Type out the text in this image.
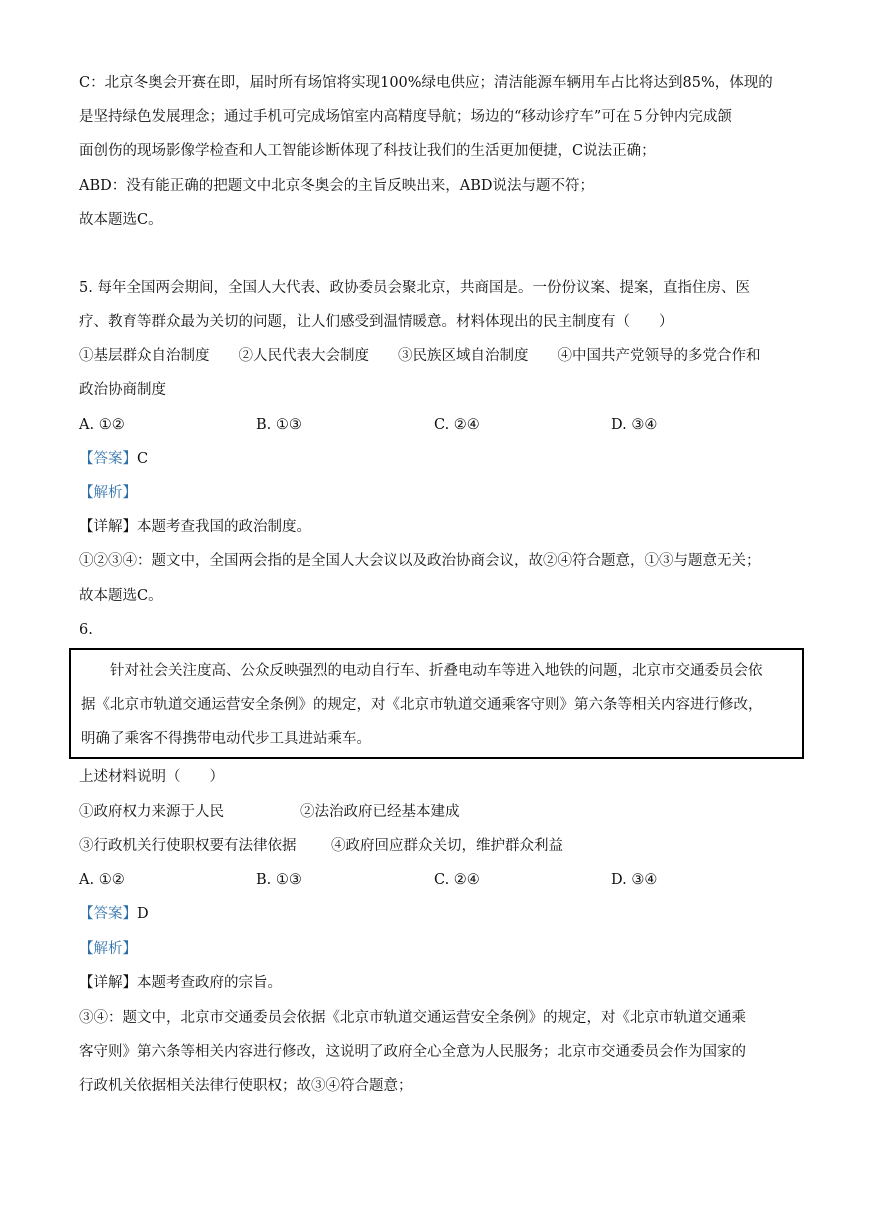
C：北京冬奥会开赛在即，届时所有场馆将实现100%绿电供应；清洁能源车辆用车占比将达到85%，体现的
是坚持绿色发展理念；通过手机可完成场馆室内高精度导航；场边的“移动诊疗车”可在５分钟内完成颌
面创伤的现场影像学检查和人工智能诊断体现了科技让我们的生活更加便捷，C说法正确；
ABD：没有能正确的把题文中北京冬奥会的主旨反映出来，ABD说法与题不符；
故本题选C。
5. 每年全国两会期间，全国人大代表、政协委员会聚北京，共商国是。一份份议案、提案，直指住房、医
疗、教育等群众最为关切的问题，让人们感受到温情暖意。材料体现出的民主制度有（　　）
①基层群众自治制度　　②人民代表大会制度　　③民族区域自治制度　　④中国共产党领导的多党合作和
政治协商制度
A. ①②	B. ①③	C. ②④	D. ③④
【答案】C
【解析】
【详解】本题考查我国的政治制度。
①②③④：题文中，全国两会指的是全国人大会议以及政治协商会议，故②④符合题意，①③与题意无关；
故本题选C。
6.
　　针对社会关注度高、公众反映强烈的电动自行车、折叠电动车等进入地铁的问题，北京市交通委员会依
据《北京市轨道交通运营安全条例》的规定，对《北京市轨道交通乘客守则》第六条等相关内容进行修改，
明确了乘客不得携带电动代步工具进站乘车。
上述材料说明（　　）
①政府权力来源于人民	②法治政府已经基本建成
③行政机关行使职权要有法律依据 ④政府回应群众关切，维护群众利益
A. ①②	B. ①③	C. ②④	D. ③④
【答案】D
【解析】
【详解】本题考查政府的宗旨。
③④：题文中，北京市交通委员会依据《北京市轨道交通运营安全条例》的规定，对《北京市轨道交通乘
客守则》第六条等相关内容进行修改，这说明了政府全心全意为人民服务；北京市交通委员会作为国家的
行政机关依据相关法律行使职权；故③④符合题意；
